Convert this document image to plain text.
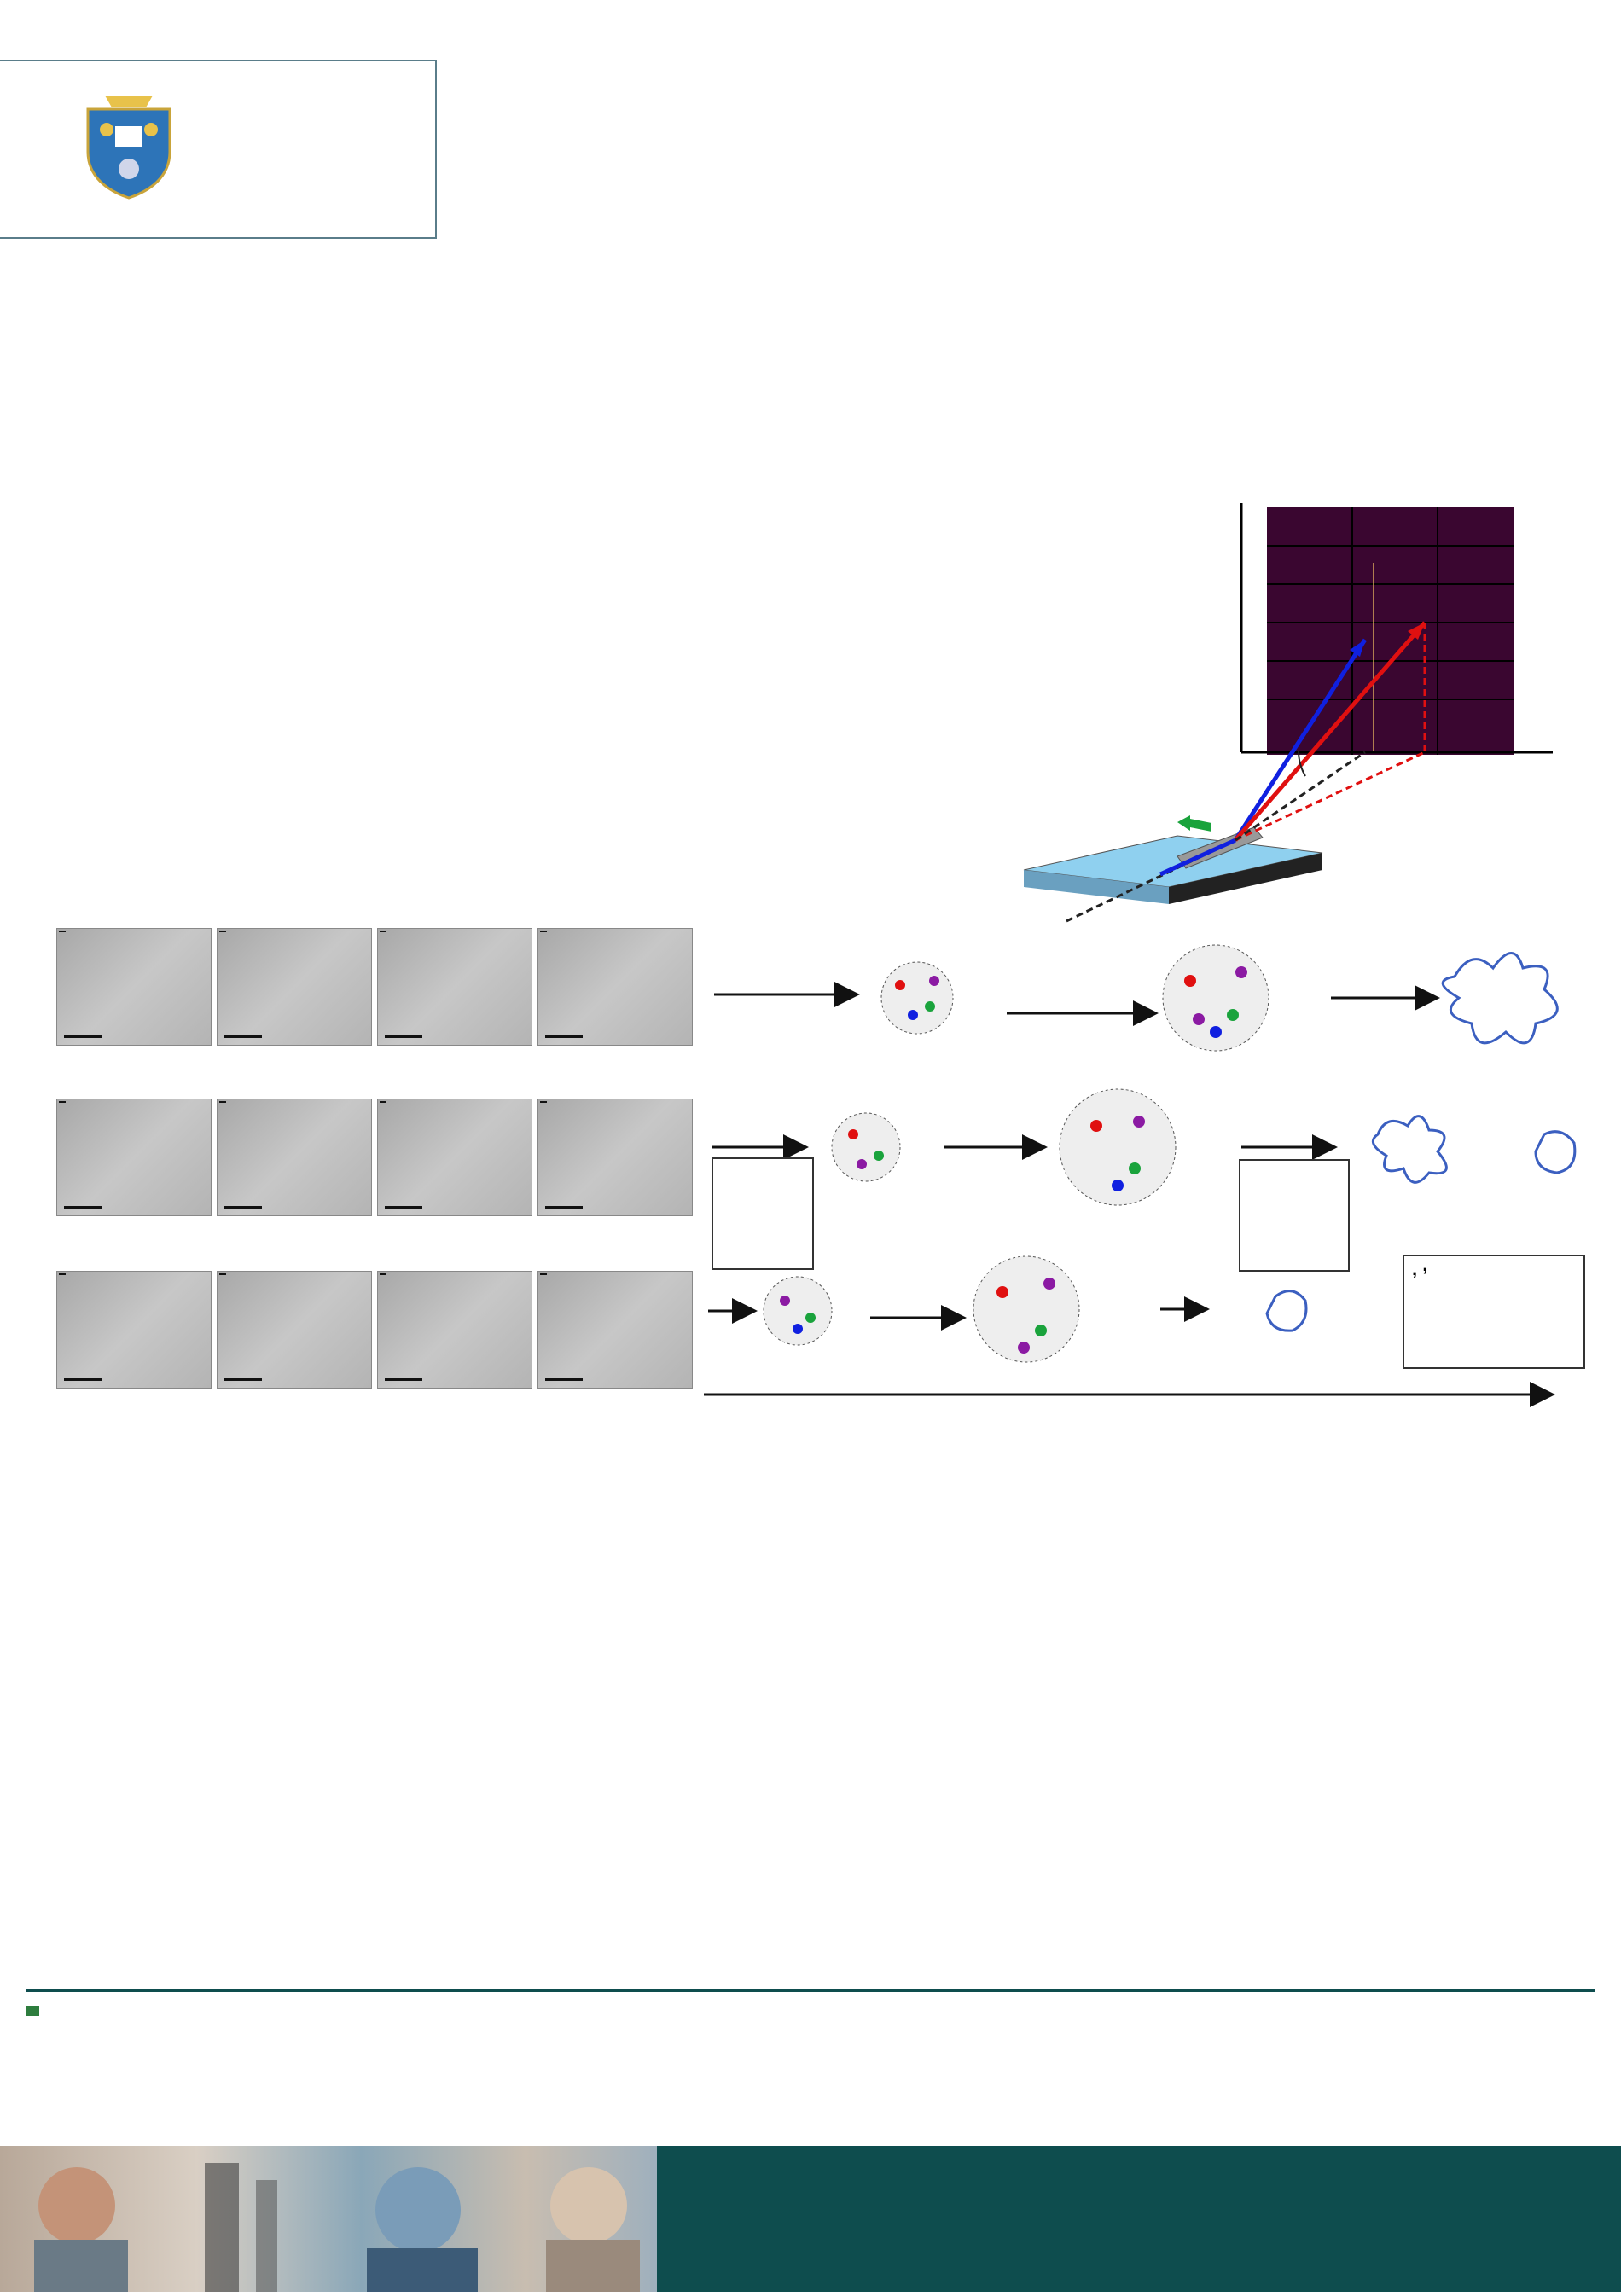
, ,
